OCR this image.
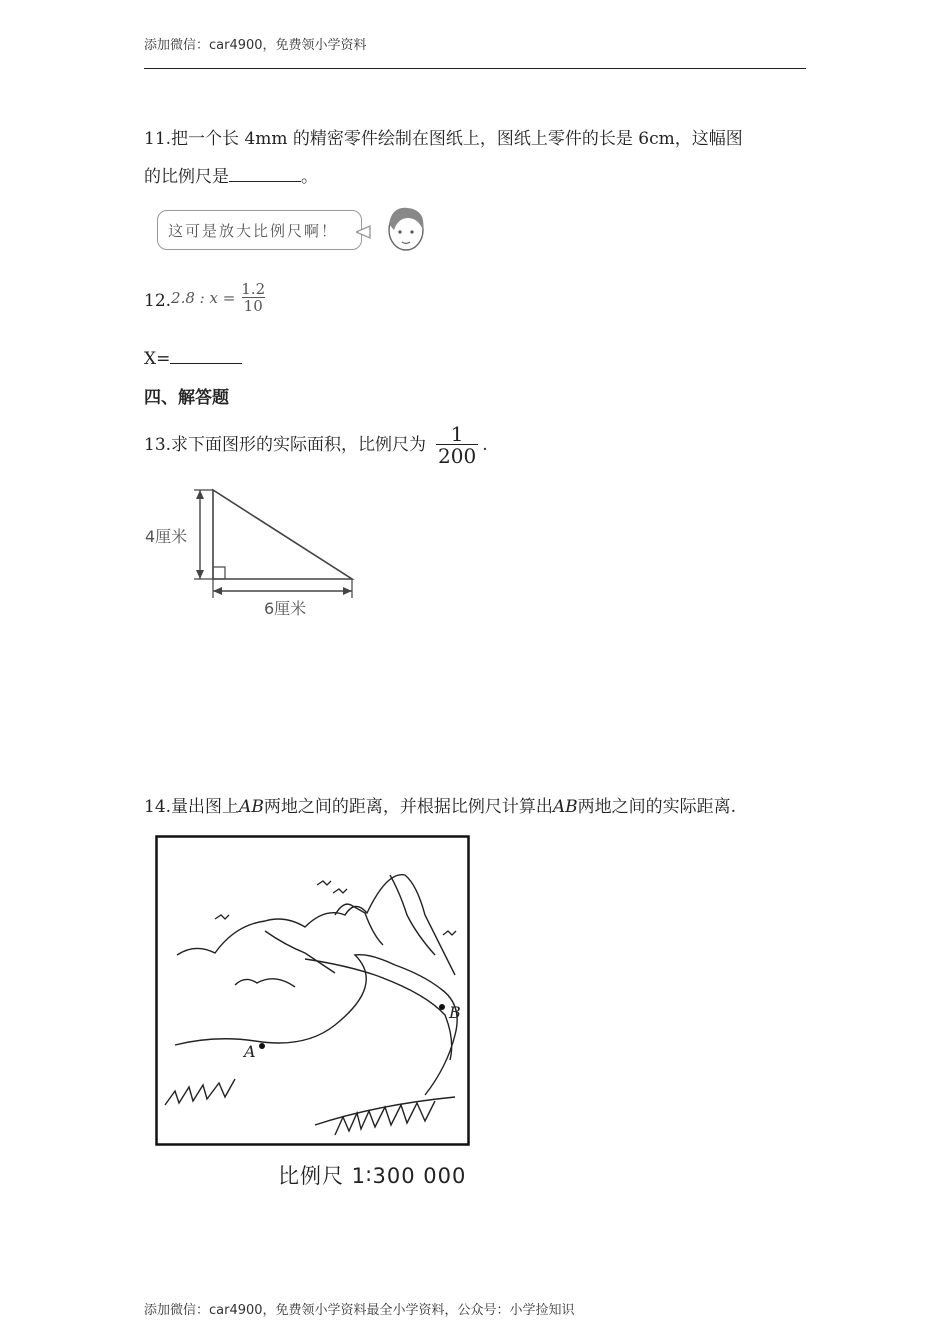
添加微信：car4900，免费领小学资料
11.把一个长 4mm 的精密零件绘制在图纸上，图纸上零件的长是 6cm，这幅图
的比例尺是	。
这可是放大比例尺啊！
12. 2.8 : $x = \frac{1.2}{10}$
X=
四、解答题
13.求下面图形的实际面积，比例尺为 $\frac{1}{200}$ .
4厘米
6厘米
14.量出图上AB两地之间的距离，并根据比例尺计算出AB两地之间的实际距离.
A
B
比例尺 1∶300 000
添加微信：car4900，免费领小学资料最全小学资料，公众号：小学捡知识
